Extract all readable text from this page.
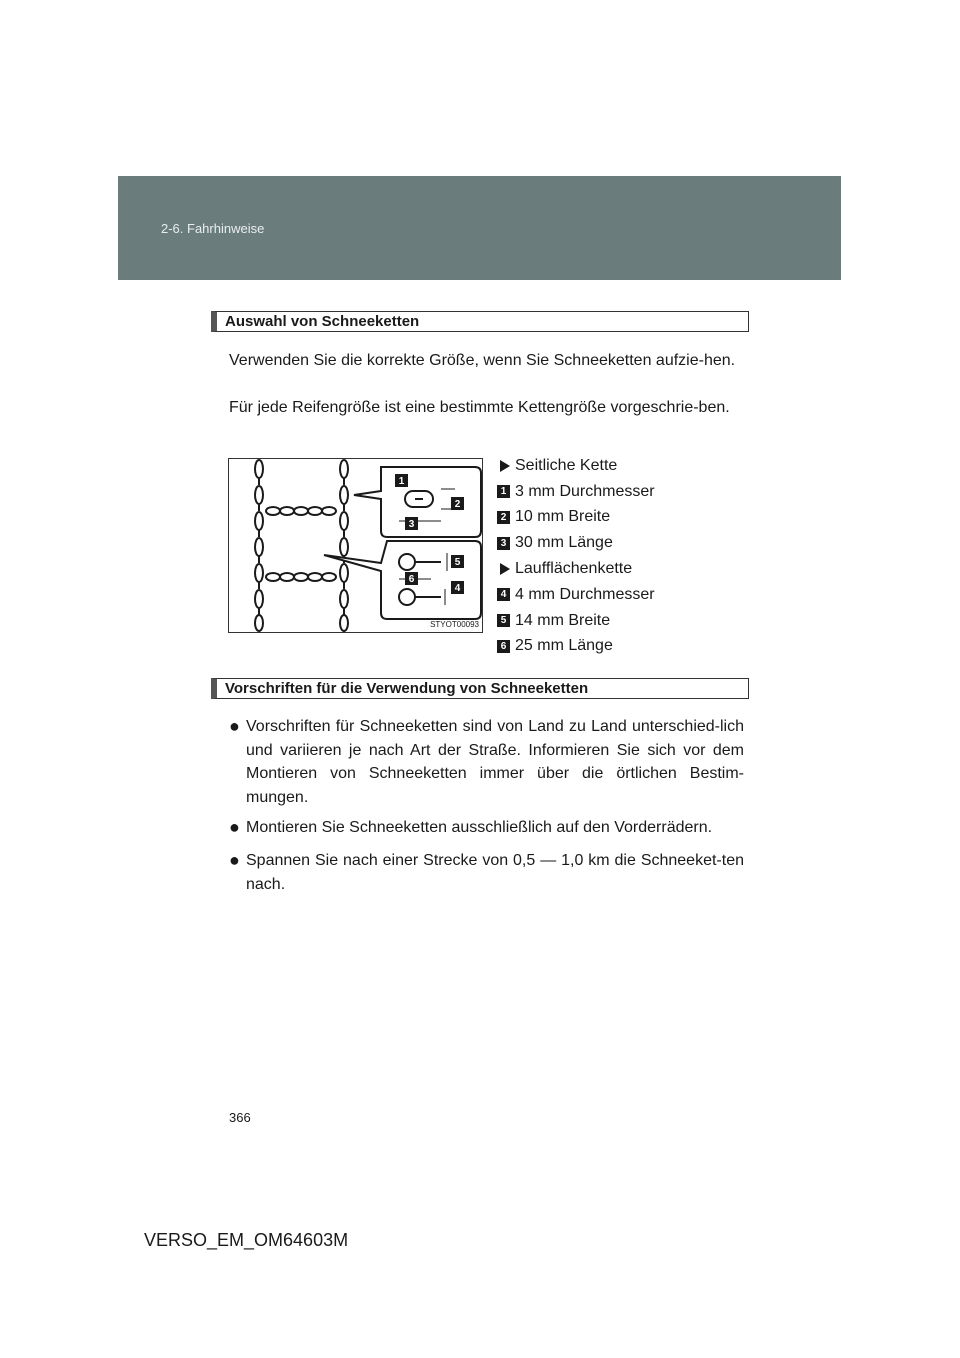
2-6. Fahrhinweise
Auswahl von Schneeketten
Verwenden Sie die korrekte Größe, wenn Sie Schneeketten aufzie-hen.
Für jede Reifengröße ist eine bestimmte Kettengröße vorgeschrie-ben.
1
2
3
4
5
6
STYOT00093
Seitliche Kette
1 3 mm Durchmesser
2 10 mm Breite
3 30 mm Länge
Laufflächenkette
4 4 mm Durchmesser
5 14 mm Breite
6 25 mm Länge
Vorschriften für die Verwendung von Schneeketten
● Vorschriften für Schneeketten sind von Land zu Land unterschied-lich und variieren je nach Art der Straße. Informieren Sie sich vor dem Montieren von Schneeketten immer über die örtlichen Bestim-mungen.
● Montieren Sie Schneeketten ausschließlich auf den Vorderrädern.
● Spannen Sie nach einer Strecke von 0,5 — 1,0 km die Schneeket-ten nach.
366
VERSO_EM_OM64603M
